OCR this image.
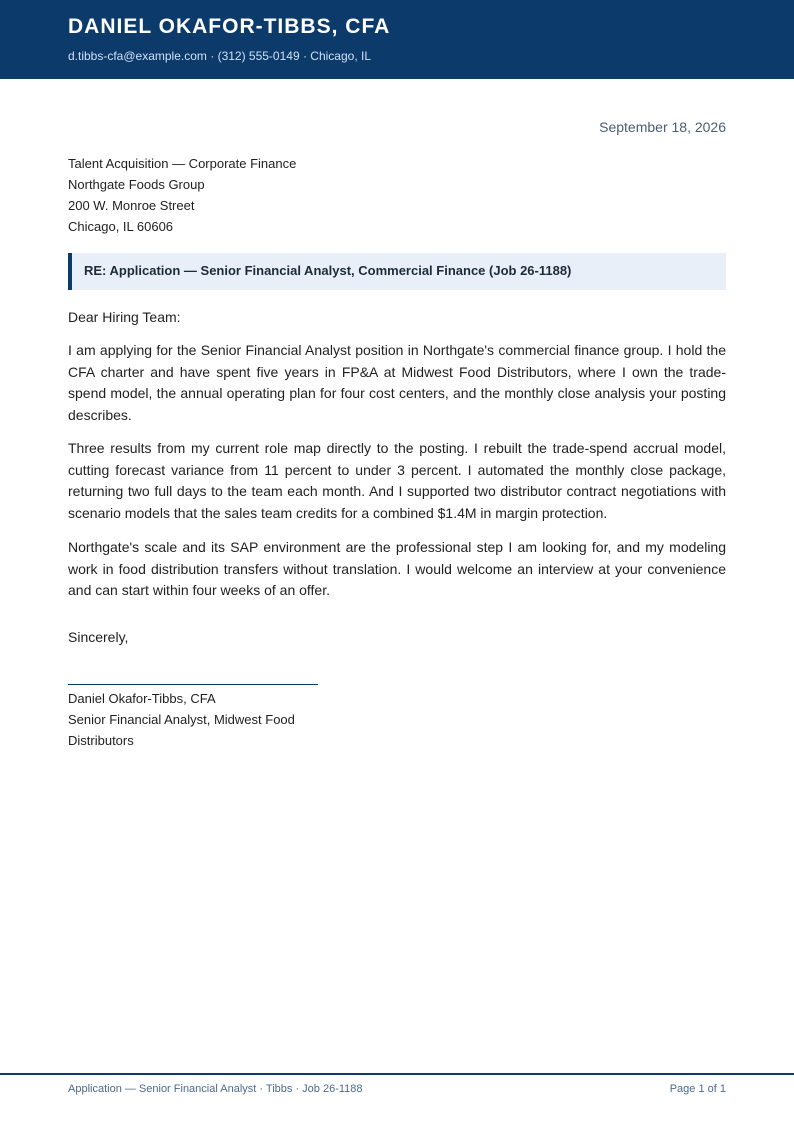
DANIEL OKAFOR-TIBBS, CFA
d.tibbs-cfa@example.com · (312) 555-0149 · Chicago, IL
September 18, 2026
Talent Acquisition — Corporate Finance
Northgate Foods Group
200 W. Monroe Street
Chicago, IL 60606
RE: Application — Senior Financial Analyst, Commercial Finance (Job 26-1188)
Dear Hiring Team:

I am applying for the Senior Financial Analyst position in Northgate's commercial finance group. I hold the CFA charter and have spent five years in FP&A at Midwest Food Distributors, where I own the trade-spend model, the annual operating plan for four cost centers, and the monthly close analysis your posting describes.

Three results from my current role map directly to the posting. I rebuilt the trade-spend accrual model, cutting forecast variance from 11 percent to under 3 percent. I automated the monthly close package, returning two full days to the team each month. And I supported two distributor contract negotiations with scenario models that the sales team credits for a combined $1.4M in margin protection.

Northgate's scale and its SAP environment are the professional step I am looking for, and my modeling work in food distribution transfers without translation. I would welcome an interview at your convenience and can start within four weeks of an offer.

Sincerely,
Daniel Okafor-Tibbs, CFA
Senior Financial Analyst, Midwest Food Distributors
Application — Senior Financial Analyst · Tibbs · Job 26-1188	Page 1 of 1
